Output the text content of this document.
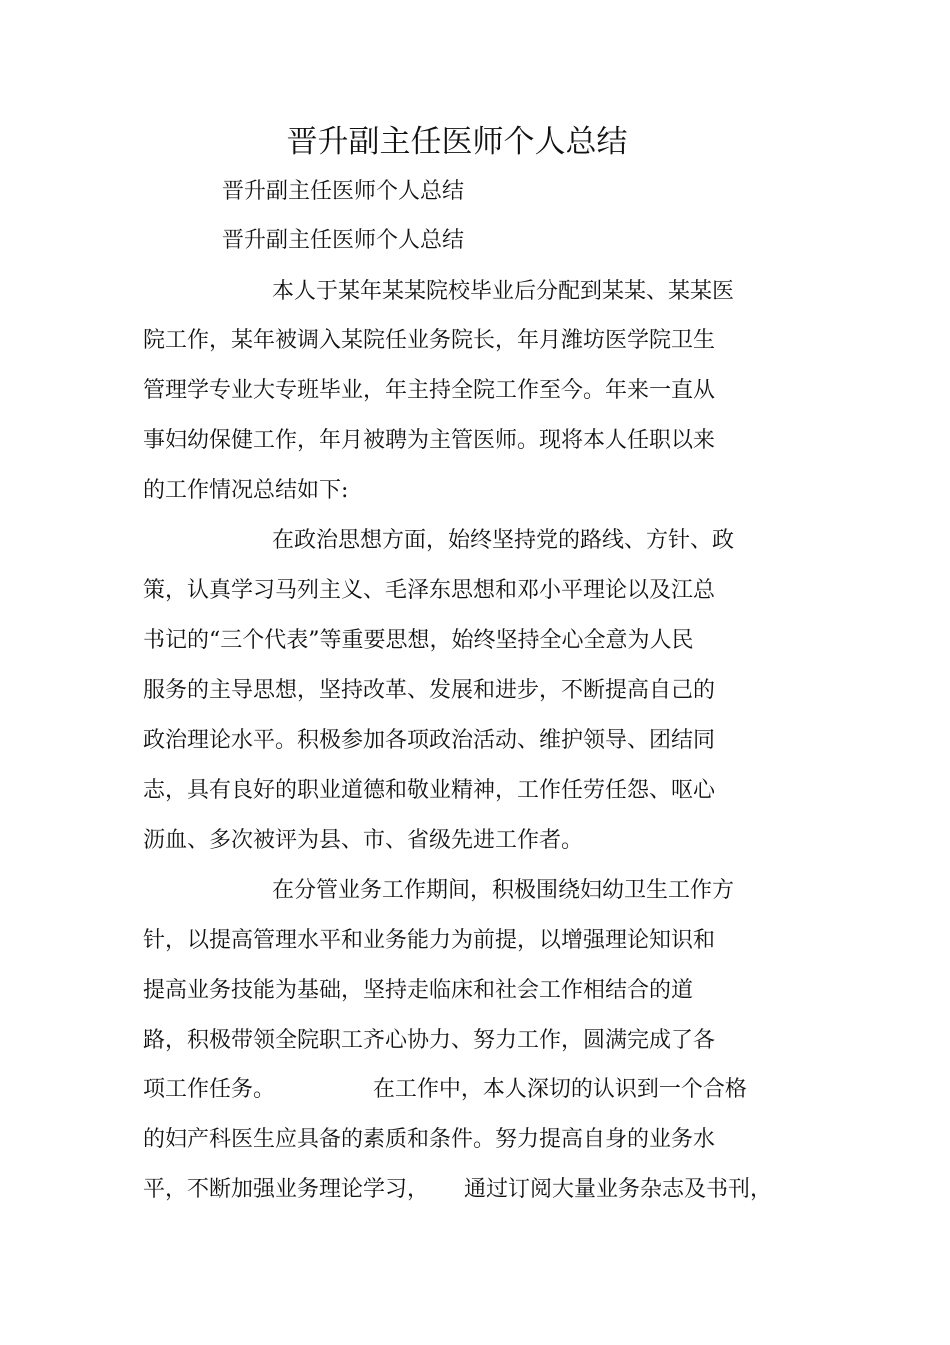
晋升副主任医师个人总结
晋升副主任医师个人总结
晋升副主任医师个人总结
本人于某年某某院校毕业后分配到某某、某某医
院工作，某年被调入某院任业务院长，年月潍坊医学院卫生
管理学专业大专班毕业，年主持全院工作至今。年来一直从
事妇幼保健工作，年月被聘为主管医师。现将本人任职以来
的工作情况总结如下:
在政治思想方面，始终坚持党的路线、方针、政
策，认真学习马列主义、毛泽东思想和邓小平理论以及江总
书记的“三个代表”等重要思想，始终坚持全心全意为人民
服务的主导思想，坚持改革、发展和进步，不断提高自己的
政治理论水平。积极参加各项政治活动、维护领导、团结同
志，具有良好的职业道德和敬业精神，工作任劳任怨、呕心
沥血、多次被评为县、市、省级先进工作者。
在分管业务工作期间，积极围绕妇幼卫生工作方
针，以提高管理水平和业务能力为前提，以增强理论知识和
提高业务技能为基础，坚持走临床和社会工作相结合的道
路，积极带领全院职工齐心协力、努力工作，圆满完成了各
项工作任务。              在工作中，本人深切的认识到一个合格
的妇产科医生应具备的素质和条件。努力提高自身的业务水
平，不断加强业务理论学习，     通过订阅大量业务杂志及书刊，
